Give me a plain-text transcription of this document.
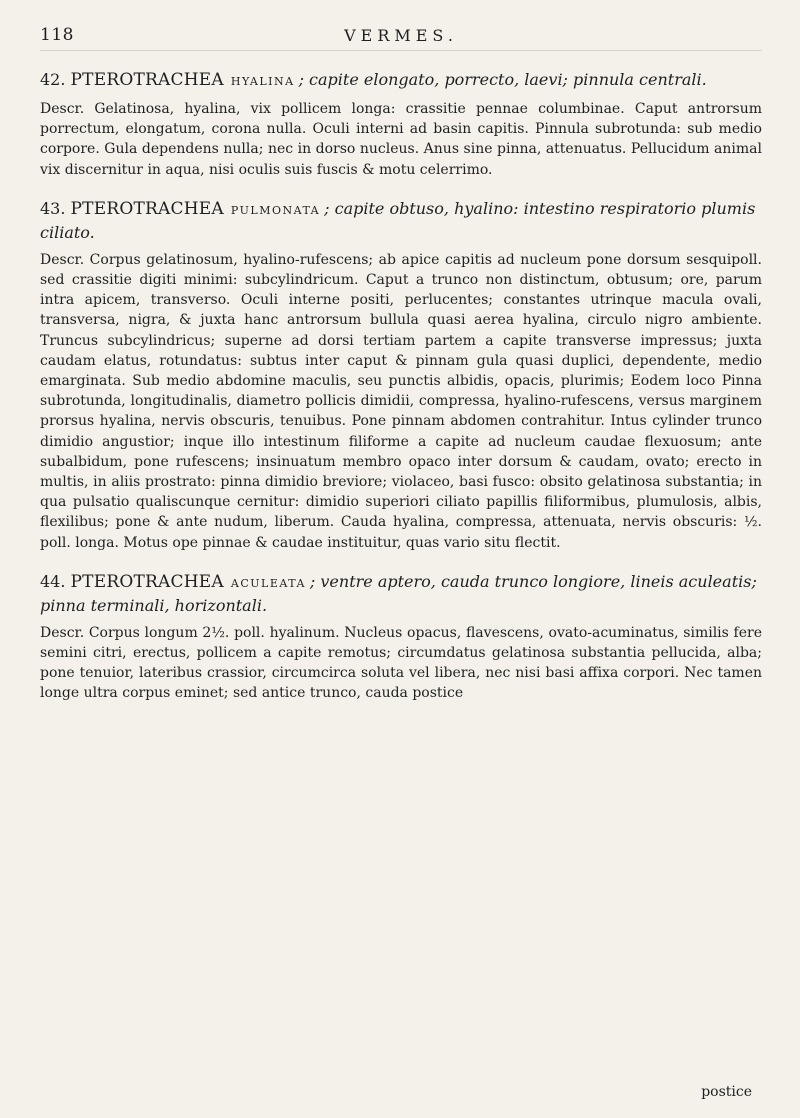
118	VERMES.

42. PTEROTRACHEA HYALINA ; capite elongato, porrecto, laevi; pinnula centrali.

Descr. Gelatinosa, hyalina, vix pollicem longa: crassitie pennae columbinae. Caput antrorsum porrectum, elongatum, corona nulla. Oculi interni ad basin capitis. Pinnula subrotunda: sub medio corpore. Gula dependens nulla; nec in dorso nucleus. Anus sine pinna, attenuatus. Pellucidum animal vix discernitur in aqua, nisi oculis suis fuscis & motu celerrimo.

43. PTEROTRACHEA PULMONATA ; capite obtuso, hyalino: intestino respiratorio plumis ciliato.

Descr. Corpus gelatinosum, hyalino-rufescens; ab apice capitis ad nucleum pone dorsum sesquipoll. sed crassitie digiti minimi: subcylindricum. Caput a trunco non distinctum, obtusum; ore, parum intra apicem, transverso. Oculi interne positi, perlucentes; constantes utrinque macula ovali, transversa, nigra, & juxta hanc antrorsum bullula quasi aerea hyalina, circulo nigro ambiente. Truncus subcylindricus; superne ad dorsi tertiam partem a capite transverse impressus; juxta caudam elatus, rotundatus: subtus inter caput & pinnam gula quasi duplici, dependente, medio emarginata. Sub medio abdomine maculis, seu punctis albidis, opacis, plurimis; Eodem loco Pinna subrotunda, longitudinalis, diametro pollicis dimidii, compressa, hyalino-rufescens, versus marginem prorsus hyalina, nervis obscuris, tenuibus. Pone pinnam abdomen contrahitur. Intus cylinder trunco dimidio angustior; inque illo intestinum filiforme a capite ad nucleum caudae flexuosum; ante subalbidum, pone rufescens; insinuatum membro opaco inter dorsum & caudam, ovato; erecto in multis, in aliis prostrato: pinna dimidio breviore; violaceo, basi fusco: obsito gelatinosa substantia; in qua pulsatio qualiscunque cernitur: dimidio superiori ciliato papillis filiformibus, plumulosis, albis, flexilibus; pone & ante nudum, liberum. Cauda hyalina, compressa, attenuata, nervis obscuris: ½. poll. longa. Motus ope pinnae & caudae instituitur, quas vario situ flectit.

44. PTEROTRACHEA ACULEATA ; ventre aptero, cauda trunco longiore, lineis aculeatis; pinna terminali, horizontali.

Descr. Corpus longum 2½. poll. hyalinum. Nucleus opacus, flavescens, ovato-acuminatus, similis fere semini citri, erectus, pollicem a capite remotus; circumdatus gelatinosa substantia pellucida, alba; pone tenuior, lateribus crassior, circumcirca soluta vel libera, nec nisi basi affixa corpori. Nec tamen longe ultra corpus eminet; sed antice trunco, cauda postice

postice
